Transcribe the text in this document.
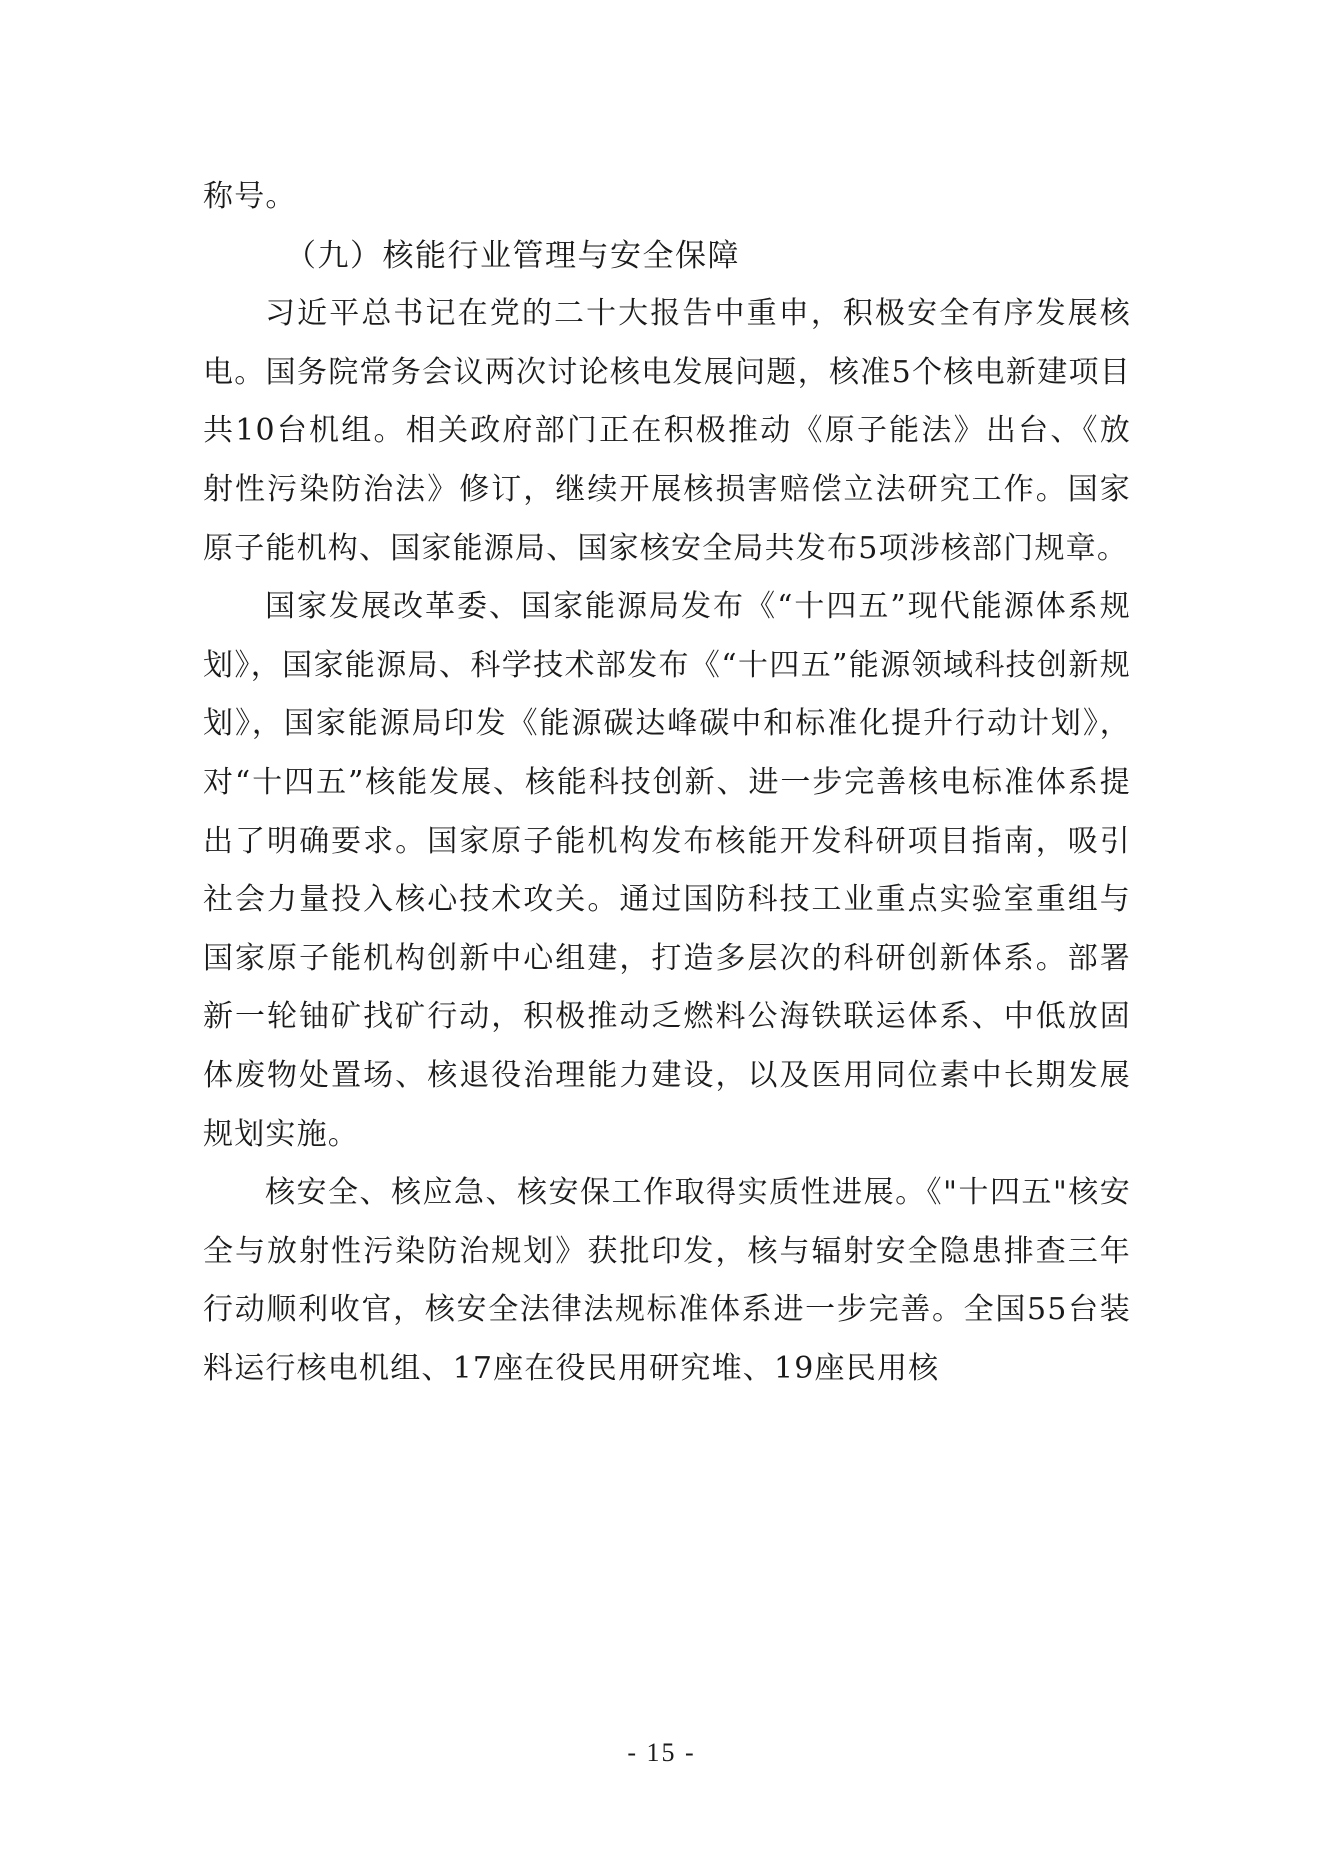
称号。

（九）核能行业管理与安全保障

习近平总书记在党的二十大报告中重申，积极安全有序发展核电。国务院常务会议两次讨论核电发展问题，核准5个核电新建项目共10台机组。相关政府部门正在积极推动《原子能法》出台、《放射性污染防治法》修订，继续开展核损害赔偿立法研究工作。国家原子能机构、国家能源局、国家核安全局共发布5项涉核部门规章。

国家发展改革委、国家能源局发布《“十四五”现代能源体系规划》，国家能源局、科学技术部发布《“十四五”能源领域科技创新规划》，国家能源局印发《能源碳达峰碳中和标准化提升行动计划》，对“十四五”核能发展、核能科技创新、进一步完善核电标准体系提出了明确要求。国家原子能机构发布核能开发科研项目指南，吸引社会力量投入核心技术攻关。通过国防科技工业重点实验室重组与国家原子能机构创新中心组建，打造多层次的科研创新体系。部署新一轮铀矿找矿行动，积极推动乏燃料公海铁联运体系、中低放固体废物处置场、核退役治理能力建设，以及医用同位素中长期发展规划实施。

核安全、核应急、核安保工作取得实质性进展。《"十四五"核安全与放射性污染防治规划》获批印发，核与辐射安全隐患排查三年行动顺利收官，核安全法律法规标准体系进一步完善。全国55台装料运行核电机组、17座在役民用研究堆、19座民用核

- 15 -
